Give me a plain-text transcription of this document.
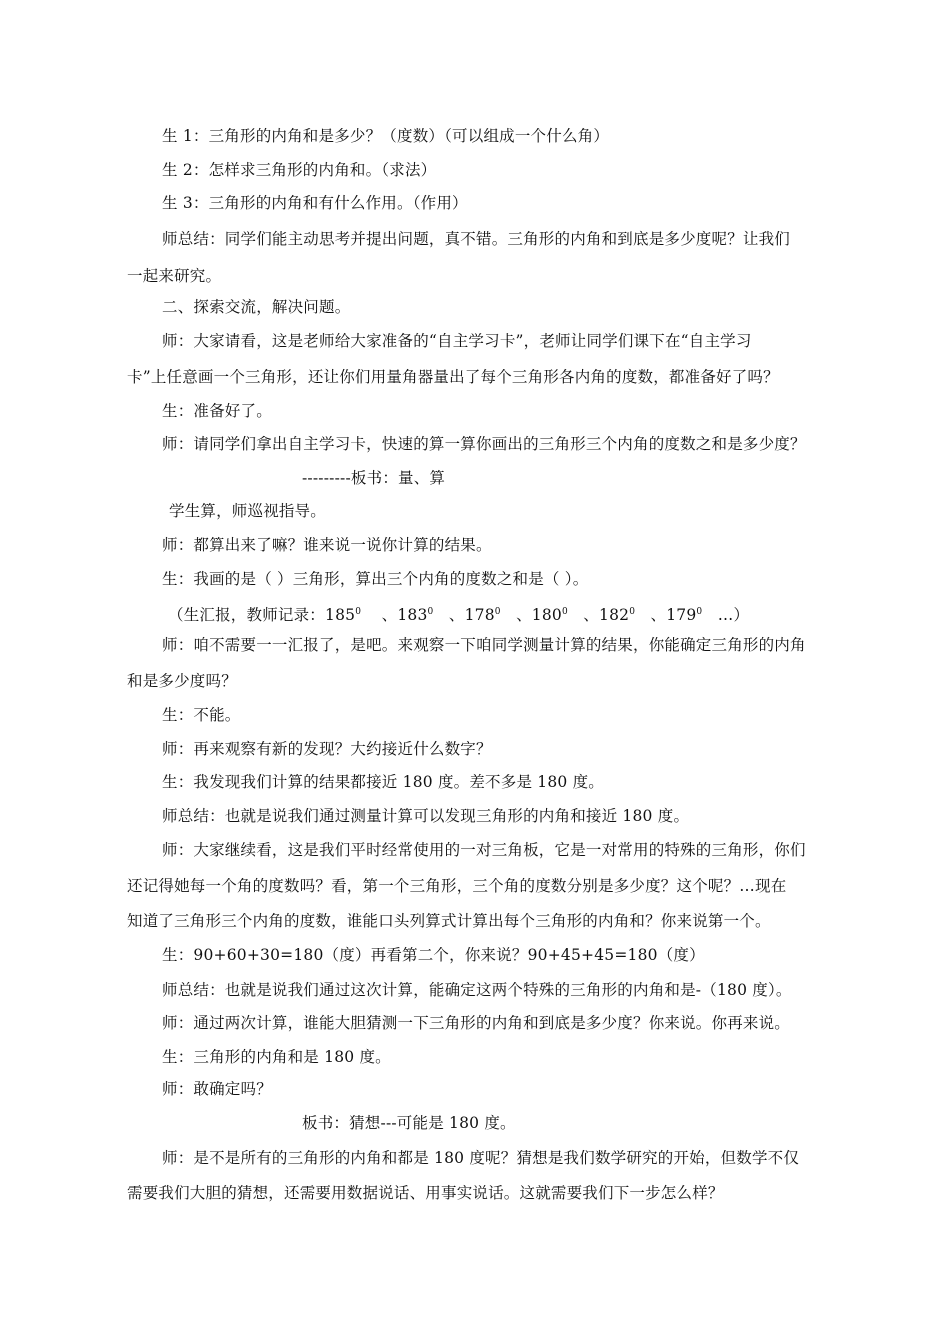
生 1：三角形的内角和是多少？（度数）（可以组成一个什么角）
生 2：怎样求三角形的内角和。（求法）
生 3：三角形的内角和有什么作用。（作用）
师总结：同学们能主动思考并提出问题，真不错。三角形的内角和到底是多少度呢？让我们
一起来研究。
二、探索交流，解决问题。
师：大家请看，这是老师给大家准备的“自主学习卡”，老师让同学们课下在“自主学习
卡”上任意画一个三角形，还让你们用量角器量出了每个三角形各内角的度数，都准备好了吗？
生：准备好了。
师：请同学们拿出自主学习卡，快速的算一算你画出的三角形三个内角的度数之和是多少度？
---------板书：量、算
学生算，师巡视指导。
师：都算出来了嘛？谁来说一说你计算的结果。
生：我画的是（ ）三角形，算出三个内角的度数之和是（ ）。
（生汇报，教师记录：$185^0$    、$183^0$   、$178^0$   、$180^0$   、$182^0$   、$179^0$ …）
师：咱不需要一一汇报了，是吧。来观察一下咱同学测量计算的结果，你能确定三角形的内角
和是多少度吗？
生：不能。
师：再来观察有新的发现？大约接近什么数字？
生：我发现我们计算的结果都接近 180 度。差不多是 180 度。
师总结：也就是说我们通过测量计算可以发现三角形的内角和接近 180 度。
师：大家继续看，这是我们平时经常使用的一对三角板，它是一对常用的特殊的三角形，你们
还记得她每一个角的度数吗？看，第一个三角形，三个角的度数分别是多少度？这个呢？…现在
知道了三角形三个内角的度数，谁能口头列算式计算出每个三角形的内角和？你来说第一个。
生：90+60+30=180（度）再看第二个，你来说？90+45+45=180（度）
师总结：也就是说我们通过这次计算，能确定这两个特殊的三角形的内角和是-（180 度）。
师：通过两次计算，谁能大胆猜测一下三角形的内角和到底是多少度？你来说。你再来说。
生：三角形的内角和是 180 度。
师：敢确定吗？
板书：猜想---可能是 180 度。
师：是不是所有的三角形的内角和都是 180 度呢？猜想是我们数学研究的开始，但数学不仅
需要我们大胆的猜想，还需要用数据说话、用事实说话。这就需要我们下一步怎么样？
